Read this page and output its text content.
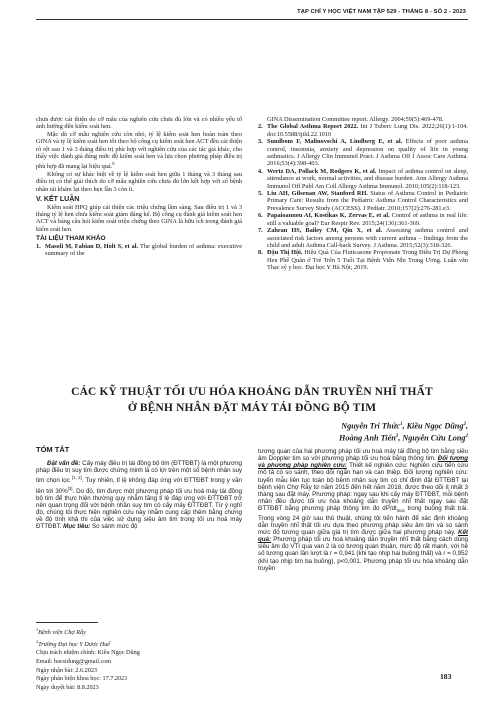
TẠP CHÍ Y HỌC VIỆT NAM TẬP 529 - THÁNG 8 - SỐ 2 - 2023

chưa được cải thiện do cỡ mẫu của nghiên cứu chưa đủ lớn và có nhiều yếu tố ảnh hưởng đến kiểm soát hen.

Mặc dù cỡ mẫu nghiên cứu còn nhỏ, tỷ lệ kiểm soát hen hoàn toàn theo GINA và tỷ lệ kiểm soát hen tốt theo bộ công cụ kiểm soát hen ACT đều cải thiện rõ rệt sau 1 và 3 tháng điều trị phù hợp với nghiên cứu của các tác giả khác, cho thấy việc đánh giá đúng mức độ kiểm soát hen và lựa chọn phương pháp điều trị phù hợp đã mang lại hiệu quả.$^8$

Không có sự khác biệt về tỷ lệ kiểm soát hen giữa 1 tháng và 3 tháng sau điều trị có thể giải thích do cỡ mẫu nghiên cứu chưa đủ lớn kết hợp với số bệnh nhân tái khám lại theo hẹn lần 3 còn ít.

V. KẾT LUẬN

Kiểm soát HPQ giúp cải thiện các triệu chứng lâm sàng. Sau điều trị 1 và 3 tháng tỷ lệ hen chưa kiểm soát giảm đáng kể. Bộ công cụ đánh giá kiểm soát hen ACT và bảng câu hỏi kiểm soát triệu chứng theo GINA là hữu ích trong đánh giá kiểm soát hen.

TÀI LIỆU THAM KHẢO
1. Masoli M, Fabian D, Holt S, et al. The global burden of asthma: executive summary of the

GINA Dissemination Committee report. Allergy. 2004;59(5):469-478.

2. The Global Asthma Report 2022. Int J Tuberc Lung Dis. 2022;26(1):1-104. doi:10.5588/ijtld.22.1010
3. Sundbom F, Malinovschi A, Lindberg E, et al. Effects of poor asthma control, insomnia, anxiety and depression on quality of life in young asthmatics. J Allergy Clin Immunol Pract. J Asthma Off J Assoc Care Asthma. 2016;53(4):398-403.
4. Wertz DA, Pollack M, Rodgers K, et al. Impact of asthma control on sleep, attendance at work, normal activities, and disease burden. Ann Allergy Asthma Immunol Off Publ Am Coll Allergy Asthma Immunol. 2010;105(2):118-123.
5. Liu AH, Gilsenan AW, Stanford RH. Status of Asthma Control in Pediatric Primary Care: Results from the Pediatric Asthma Control Characteristics and Prevalence Survey Study (ACCESS). J Pediatr. 2010;157(2):276-281.e3.
6. Papaioannou AI, Kostikas K, Zervas E, et al. Control of asthma in real life: still a valuable goal? Eur Respir Rev. 2015;24(136):361-369.
7. Zahran HS, Bailey CM, Qin X, et al. Assessing asthma control and associated risk factors among persons with current asthma – findings from the child and adult Asthma Call-back Survey. J Asthma. 2015;52(3):318-326.
8. Đậu Thị Hội. Hiệu Quả Của Fluticasone Propionate Trong Điều Trị Dự Phòng Hen Phế Quản ở Trẻ Trên 5 Tuổi Tại Bệnh Viện Nhi Trung Ương. Luận văn Thạc sỹ y học. Đại học Y Hà Nội; 2019.
CÁC KỸ THUẬT TỐI ƯU HÓA KHOẢNG DẪN TRUYỀN NHĨ THẤT
Ở BỆNH NHÂN ĐẶT MÁY TÁI ĐỒNG BỘ TIM
Nguyễn Tri Thức$^1$, Kiều Ngọc Dũng$^2$,
Hoàng Anh Tiến$^2$, Nguyễn Cửu Long$^2$
TÓM TẮT

Đặt vấn đề: Cấy máy điều trị tái đồng bộ tim (ĐTTĐBT) là một phương pháp điều trị suy tim được chứng minh là có lợi trên một số bệnh nhân suy tim chọn lọc [1, 2]. Tuy nhiên, tỉ lệ không đáp ứng với ĐTTĐBT trong y văn lên tới 30%[3]. Do đó, tìm được một phương pháp tối ưu hoá máy tái đồng bộ tim để thực hiện thường quy nhằm tăng tỉ lệ đáp ứng với ĐTTĐBT trở nên quan trọng đối với bệnh nhân suy tim có cấy máy ĐTTĐBT. Từ ý nghĩ đó, chúng tôi thực hiện nghiên cứu này nhằm cung cấp thêm bằng chứng về độ tính khả thi của việc sử dụng siêu âm tim trong tối ưu hoá máy ĐTTĐBT. Mục tiêu: So sánh mức độ

tương quan của hai phương pháp tối ưu hoá máy tái đồng bộ tim bằng siêu âm Doppler tim so với phương pháp tối ưu hoá bằng thông tim. Đối tượng và phương pháp nghiên cứu: Thiết kế nghiên cứu: Nghiên cứu tiến cứu mô tả có so sánh, theo dõi ngắn hạn và can thiệp. Đối tượng nghiên cứu: tuyển mẫu liên tục toàn bộ bệnh nhân suy tim có chỉ định đặt ĐTTĐBT tại bệnh viện Chợ Rẫy từ năm 2015 đến hết năm 2018, được theo dõi ít nhất 3 tháng sau đặt máy. Phương pháp: ngay sau khi cấy máy ĐTTĐBT, mỗi bệnh nhân đều được tối ưu hóa khoảng dẫn truyền nhĩ thất ngay sau đặt ĐTTĐBT bằng phương pháp thông tim đo $dP/dt_{max}$ trong buồng thất trái. Trong vòng 24 giờ sau thủ thuật, chúng tôi tiến hành để xác định khoảng dẫn truyền nhĩ thất tối ưu dựa theo phương pháp siêu âm tim và so sánh mức độ tương quan giữa giá trị tìm được giữa hai phương pháp này. Kết quả: Phương pháp tối ưu hoá khoảng dẫn truyền nhĩ thất bằng cách dùng siêu âm đo VTI qua van 2 lá có tương quan thuận, mức độ rất mạnh, với hệ số tương quan lần lượt là r = 0,941 (khi tạo nhịp hai buồng thất) và r = 0,952 (khi tạo nhịp tim ba buồng), p<0,001. Phương pháp tối ưu hóa khoảng dẫn truyền

$^1$Bệnh viện Chợ Rẫy
$^2$Trường Đại học Y Dược Huế
Chịu trách nhiệm chính: Kiều Ngọc Dũng
Email: bacsidung@gmail.com
Ngày nhận bài: 2.6.2023
Ngày phản biện khoa học: 17.7.2023
Ngày duyệt bài: 8.8.2023
183
